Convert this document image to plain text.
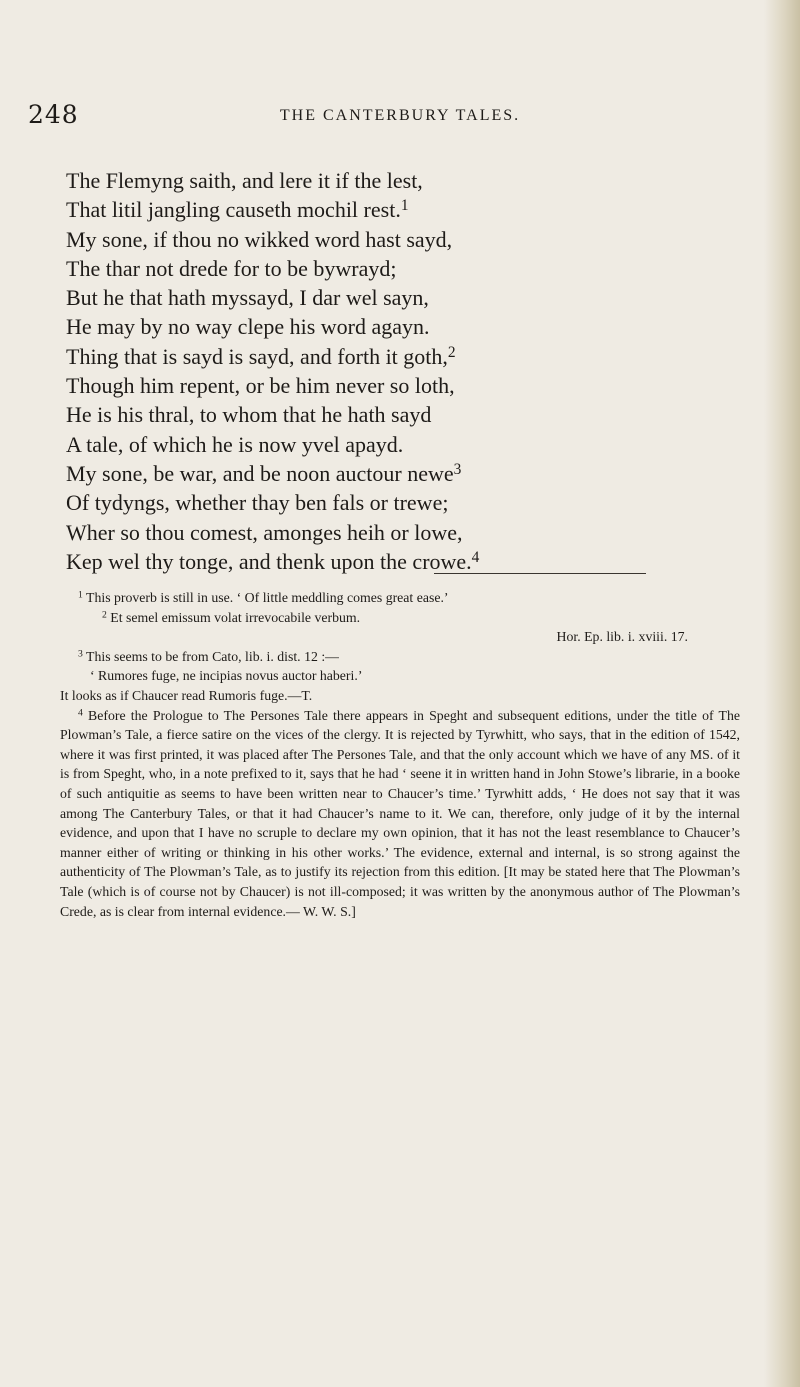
248	THE CANTERBURY TALES.
The Flemyng saith, and lere it if the lest,
That litil jangling causeth mochil rest.$^1$
My sone, if thou no wikked word hast sayd,
The thar not drede for to be bywrayd;
But he that hath myssayd, I dar wel sayn,
He may by no way clepe his word agayn.
Thing that is sayd is sayd, and forth it goth,$^2$
Though him repent, or be him never so loth,
He is his thral, to whom that he hath sayd
A tale, of which he is now yvel apayd.
My sone, be war, and be noon auctour newe$^3$
Of tydyngs, whether thay ben fals or trewe;
Wher so thou comest, amonges heih or lowe,
Kep wel thy tonge, and thenk upon the crowe.$^4$
$^1$ This proverb is still in use. ‘ Of little meddling comes great ease.’
$^2$ Et semel emissum volat irrevocabile verbum.
Hor. Ep. lib. i. xviii. 17.
$^3$ This seems to be from Cato, lib. i. dist. 12 :—
‘ Rumores fuge, ne incipias novus auctor haberi.’
It looks as if Chaucer read Rumoris fuge.—T.
$^4$ Before the Prologue to The Persones Tale there appears in Speght and subsequent editions, under the title of The Plowman’s Tale, a fierce satire on the vices of the clergy. It is rejected by Tyrwhitt, who says, that in the edition of 1542, where it was first printed, it was placed after The Persones Tale, and that the only account which we have of any MS. of it is from Speght, who, in a note prefixed to it, says that he had ‘ seene it in written hand in John Stowe’s librarie, in a booke of such antiquitie as seems to have been written near to Chaucer’s time.’ Tyrwhitt adds, ‘ He does not say that it was among The Canterbury Tales, or that it had Chaucer’s name to it. We can, therefore, only judge of it by the internal evidence, and upon that I have no scruple to declare my own opinion, that it has not the least resemblance to Chaucer’s manner either of writing or thinking in his other works.’ The evidence, external and internal, is so strong against the authenticity of The Plowman’s Tale, as to justify its rejection from this edition. [It may be stated here that The Plowman’s Tale (which is of course not by Chaucer) is not ill-composed; it was written by the anonymous author of The Plowman’s Crede, as is clear from internal evidence.— W. W. S.]
